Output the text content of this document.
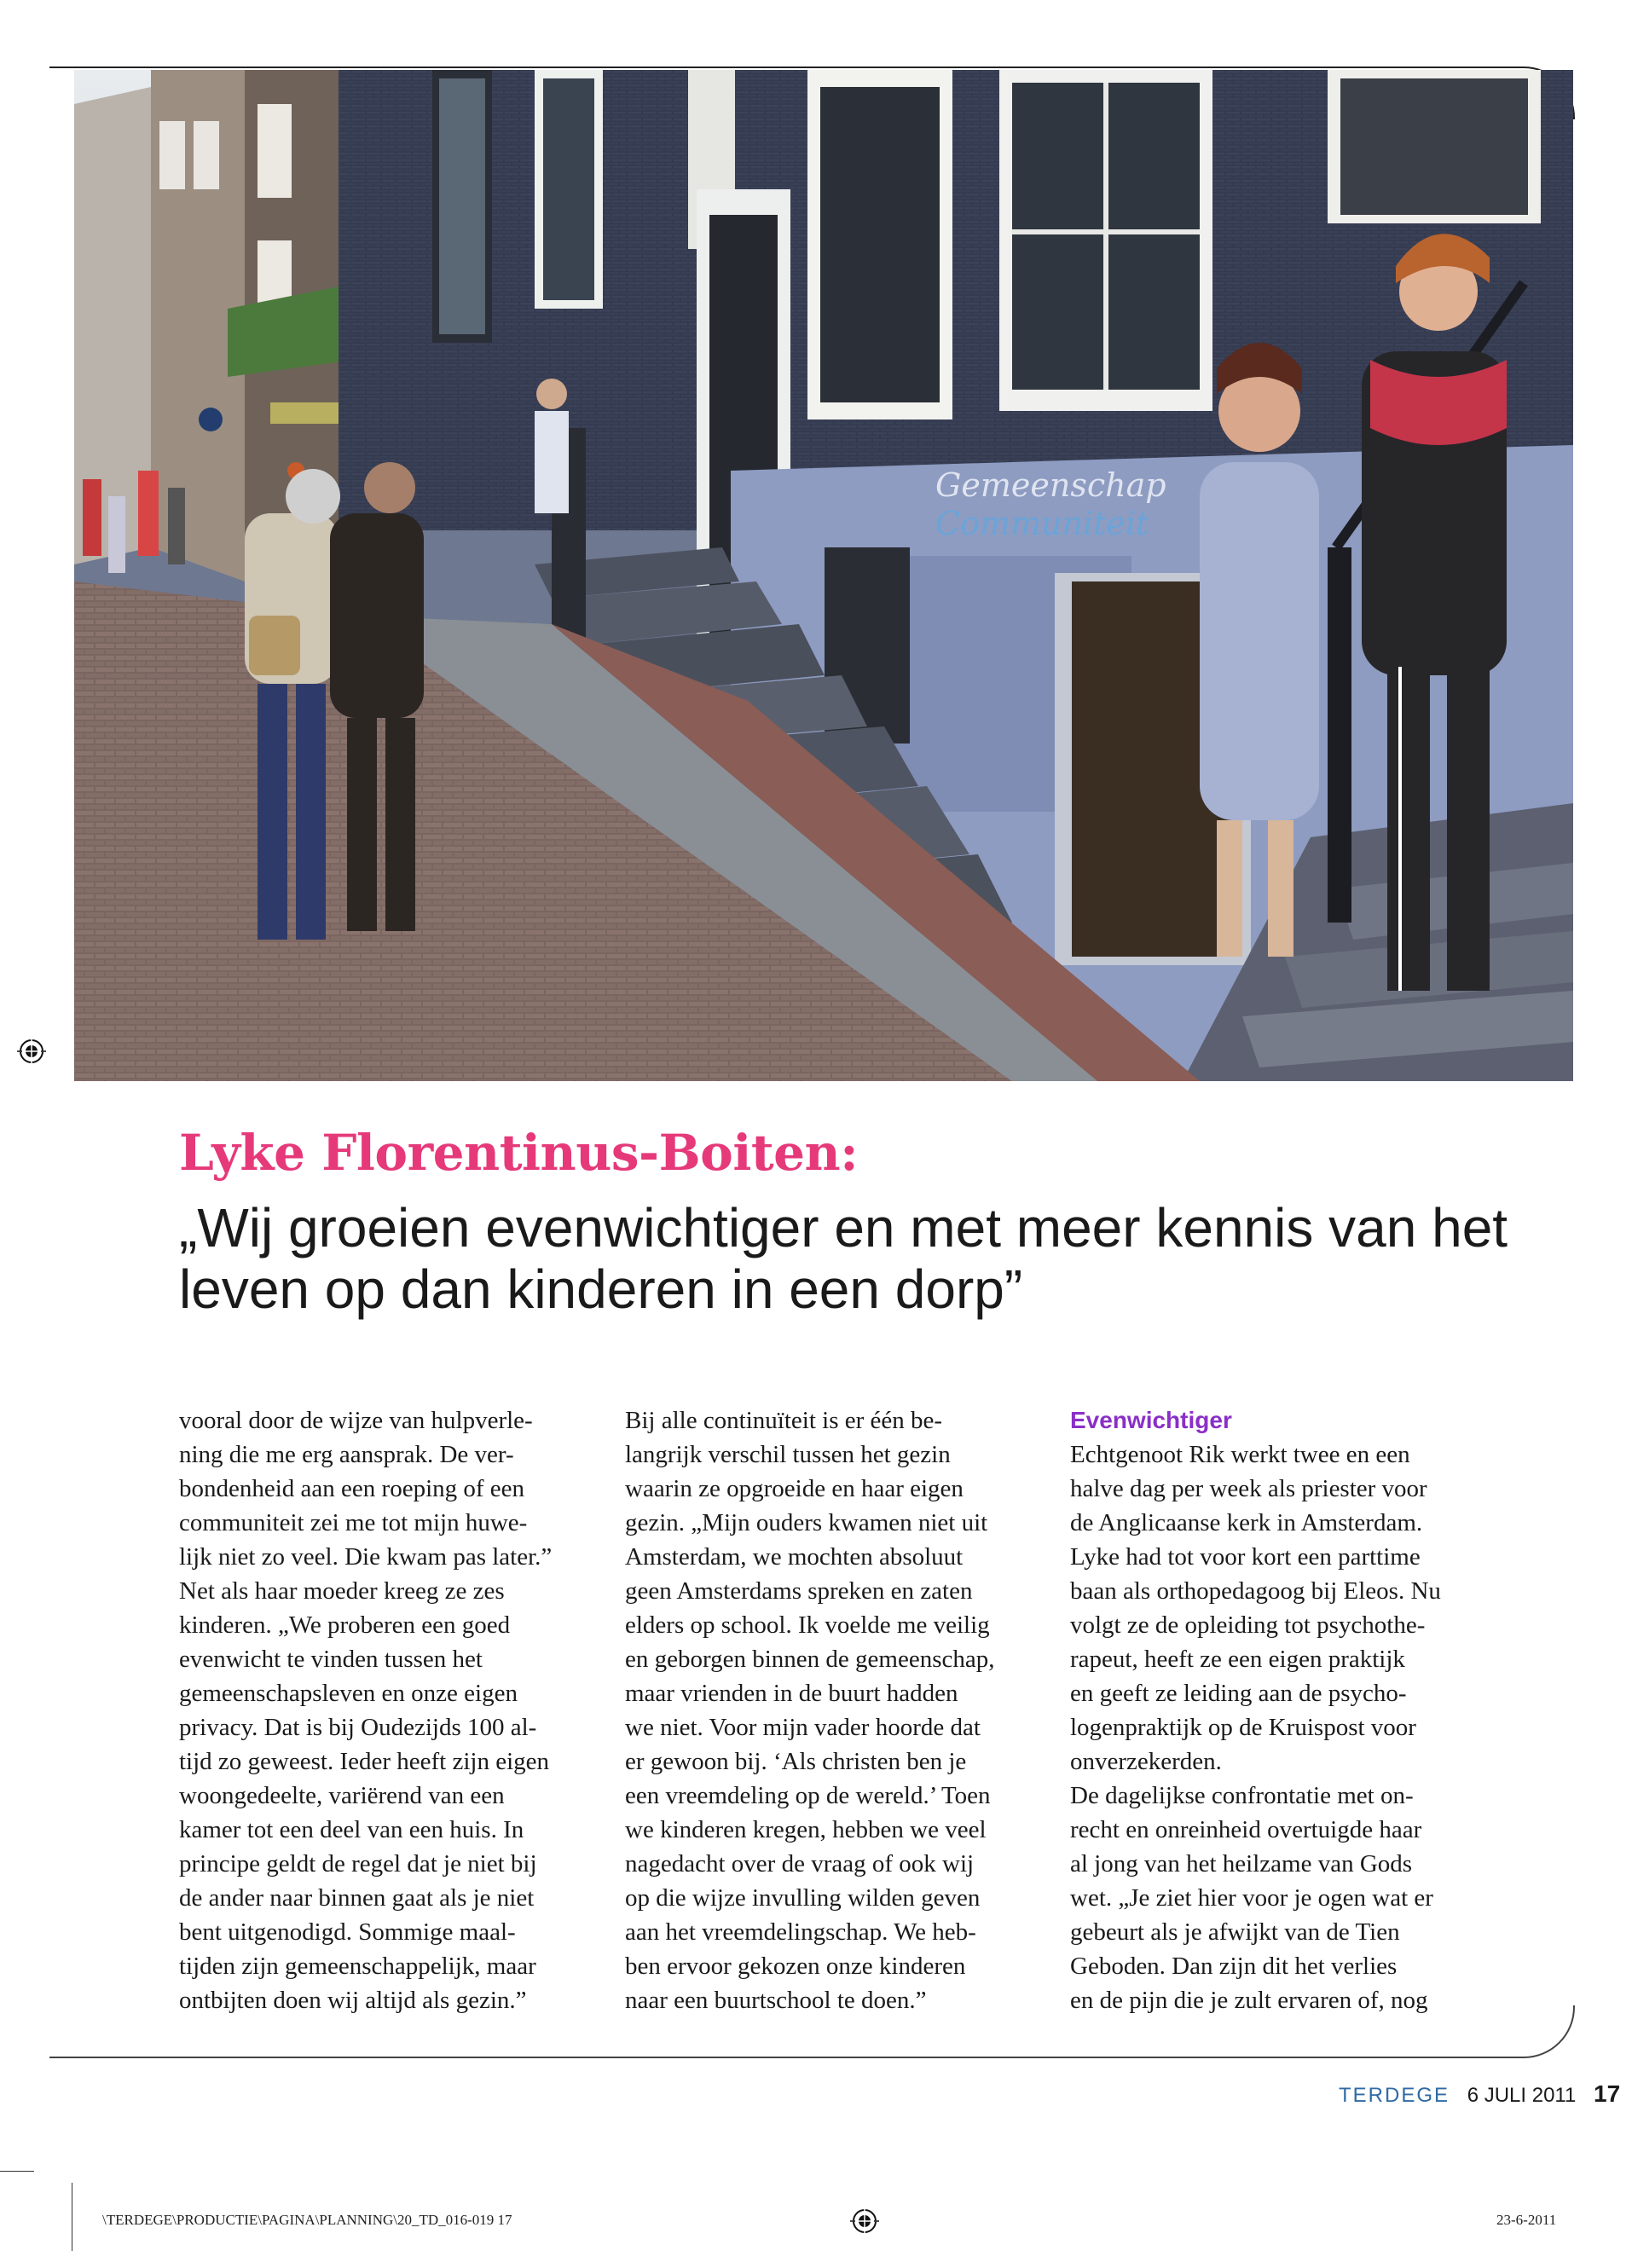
Gemeenschap
Communiteit
Lyke Florentinus-Boiten:
„Wij groeien evenwichtiger en met meer kennis van het leven op dan kinderen in een dorp”

vooral door de wijze van hulpverle-
ning die me erg aansprak. De ver-
bondenheid aan een roeping of een
communiteit zei me tot mijn huwe-
lijk niet zo veel. Die kwam pas later.”
Net als haar moeder kreeg ze zes
kinderen. „We proberen een goed
evenwicht te vinden tussen het
gemeenschapsleven en onze eigen
privacy. Dat is bij Oudezijds 100 al-
tijd zo geweest. Ieder heeft zijn eigen
woongedeelte, variërend van een
kamer tot een deel van een huis. In
principe geldt de regel dat je niet bij
de ander naar binnen gaat als je niet
bent uitgenodigd. Sommige maal-
tijden zijn gemeenschappelijk, maar
ontbijten doen wij altijd als gezin.”

Bij alle continuïteit is er één be-
langrijk verschil tussen het gezin
waarin ze opgroeide en haar eigen
gezin. „Mijn ouders kwamen niet uit
Amsterdam, we mochten absoluut
geen Amsterdams spreken en zaten
elders op school. Ik voelde me veilig
en geborgen binnen de gemeenschap,
maar vrienden in de buurt hadden
we niet. Voor mijn vader hoorde dat
er gewoon bij. ‘Als christen ben je
een vreemdeling op de wereld.’ Toen
we kinderen kregen, hebben we veel
nagedacht over de vraag of ook wij
op die wijze invulling wilden geven
aan het vreemdelingschap. We heb-
ben ervoor gekozen onze kinderen
naar een buurtschool te doen.”

Evenwichtiger

Echtgenoot Rik werkt twee en een
halve dag per week als priester voor
de Anglicaanse kerk in Amsterdam.
Lyke had tot voor kort een parttime
baan als orthopedagoog bij Eleos. Nu
volgt ze de opleiding tot psychothe-
rapeut, heeft ze een eigen praktijk
en geeft ze leiding aan de psycho-
logenpraktijk op de Kruispost voor
onverzekerden.
De dagelijkse confrontatie met on-
recht en onreinheid overtuigde haar
al jong van het heilzame van Gods
wet. „Je ziet hier voor je ogen wat er
gebeurt als je afwijkt van de Tien
Geboden. Dan zijn dit het verlies
en de pijn die je zult ervaren of, nog

TERDEGE 6 JULI 2011 17
\TERDEGE\PRODUCTIE\PAGINA\PLANNING\20_TD_016-019 17	23-6-2011
